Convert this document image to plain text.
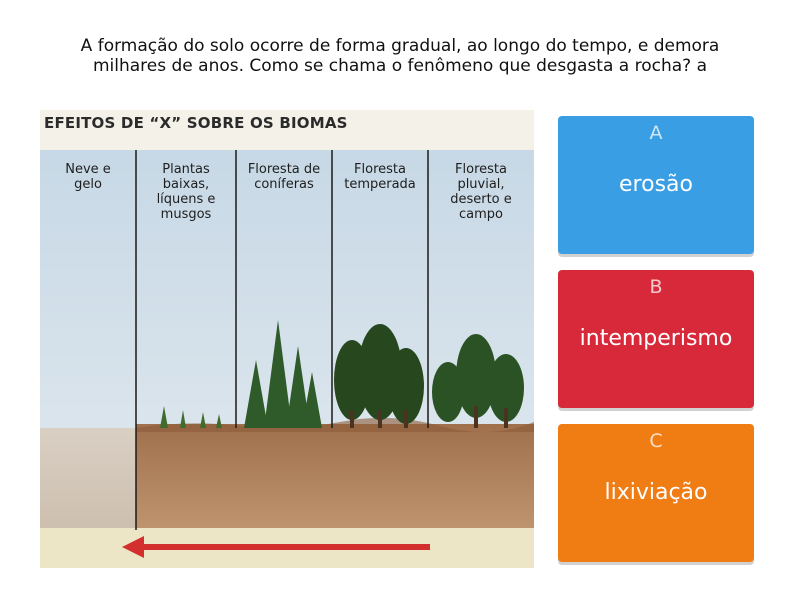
A formação do solo ocorre de forma gradual, ao longo do tempo, e demora
milhares de anos. Como se chama o fenômeno que desgasta a rocha? a
EFEITOS DE “X” SOBRE OS BIOMAS
Neve e
gelo
Plantas
baixas,
líquens e
musgos
Floresta de
coníferas
Floresta
temperada
Floresta
pluvial,
deserto e
campo
A
erosão
B
intemperismo
C
lixiviação
